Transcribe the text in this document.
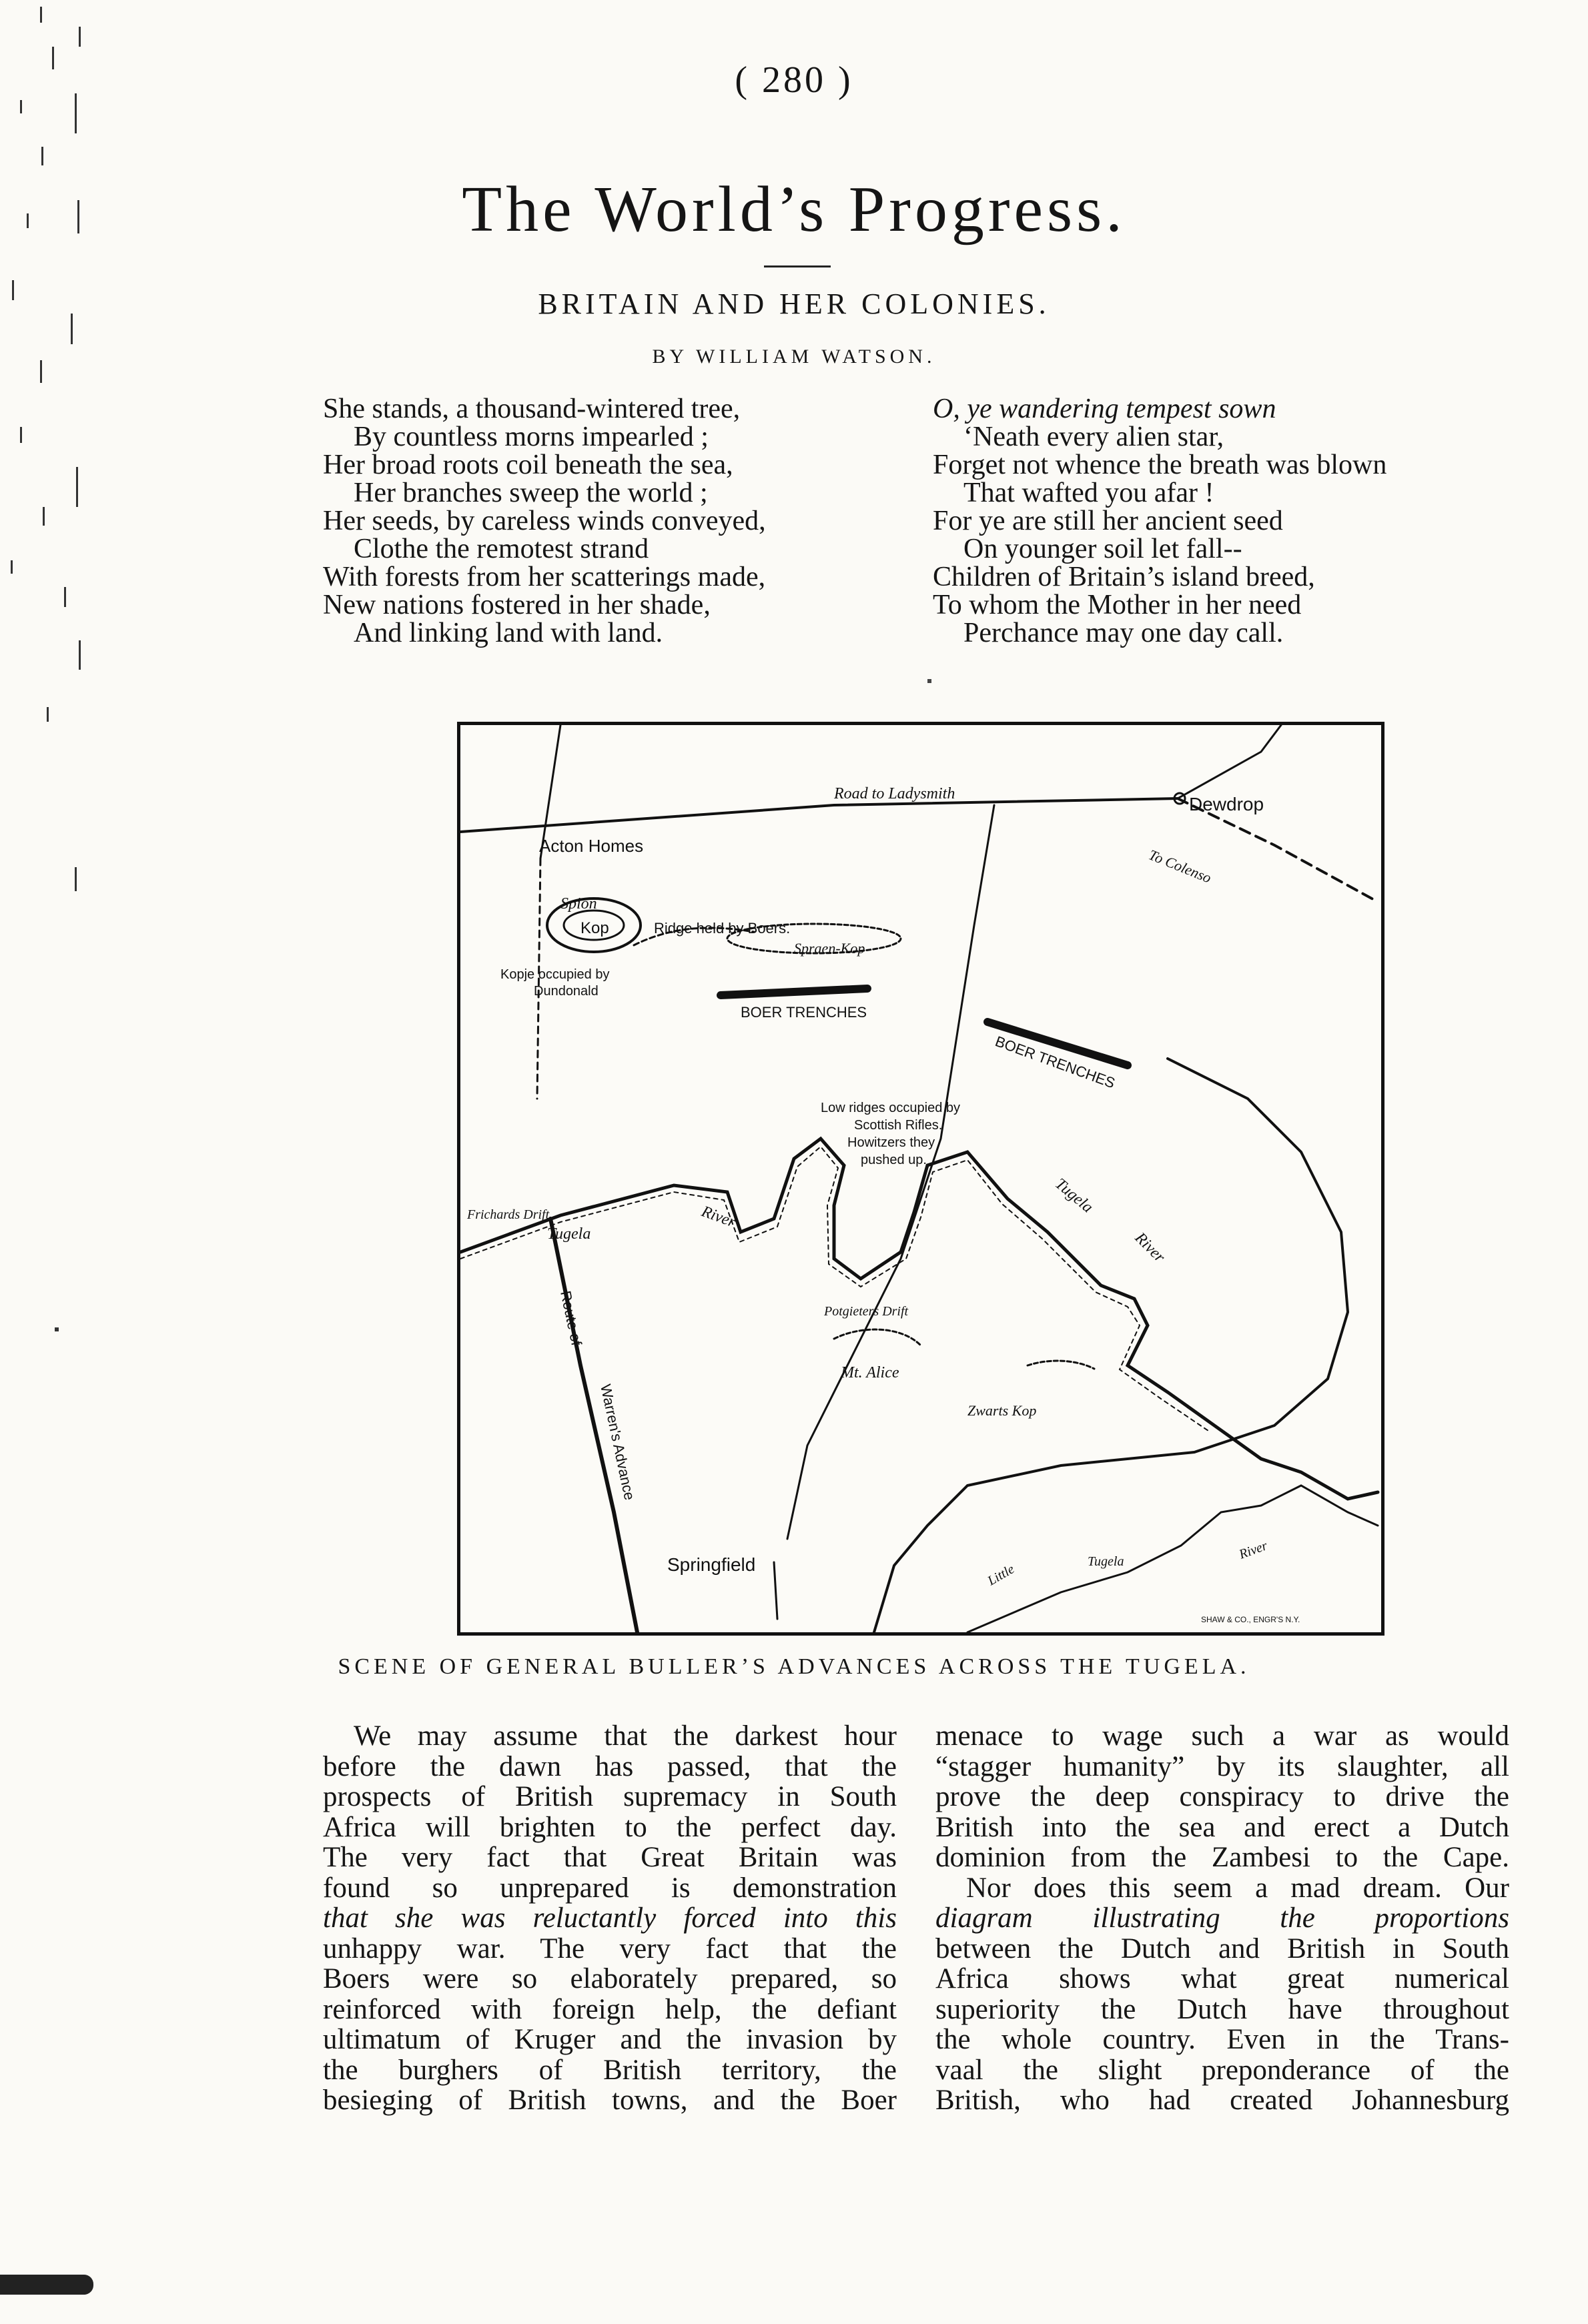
( 280 )
The World’s Progress.
BRITAIN AND HER COLONIES.
BY WILLIAM WATSON.
She stands, a thousand-wintered tree,
By countless morns impearled ;
Her broad roots coil beneath the sea,
Her branches sweep the world ;
Her seeds, by careless winds conveyed,
Clothe the remotest strand
With forests from her scatterings made,
New nations fostered in her shade,
And linking land with land.
O, ye wandering tempest sown
‘Neath every alien star,
Forget not whence the breath was blown
That wafted you afar !
For ye are still her ancient seed
On younger soil let fall--
Children of Britain’s island breed,
To whom the Mother in her need
Perchance may one day call.
Road to Ladysmith	Dewdrop
To Colenso
Acton Homes
Spion
Kop	Ridge held by Boers.
Spraen-Kop
Kopje occupied by
Dundonald
BOER TRENCHES
BOER TRENCHES
Low ridges occupied by
Scottish Rifles.
Howitzers they
pushed up.
Frichards Drift
Tugela
River
Tugela
River
Route of
Warren's Advance
Potgieters Drift
Mt. Alice
Zwarts Kop
Springfield	Little
Tugela	River
SHAW & CO., ENGR'S N.Y.
SCENE OF GENERAL BULLER’S ADVANCES ACROSS THE TUGELA.

We may assume that the darkest hour

before the dawn has passed, that the

prospects of British supremacy in South

Africa will brighten to the perfect day.

The very fact that Great Britain was

found so unprepared is demonstration

that she was reluctantly forced into this

unhappy war. The very fact that the

Boers were so elaborately prepared, so

reinforced with foreign help, the defiant

ultimatum of Kruger and the invasion by

the burghers of British territory, the

besieging of British towns, and the Boer

menace to wage such a war as would

“stagger humanity” by its slaughter, all

prove the deep conspiracy to drive the

British into the sea and erect a Dutch

dominion from the Zambesi to the Cape.

Nor does this seem a mad dream. Our

diagram illustrating the proportions

between the Dutch and British in South

Africa shows what great numerical

superiority the Dutch have throughout

the whole country. Even in the Trans-

vaal the slight preponderance of the

British, who had created Johannesburg
